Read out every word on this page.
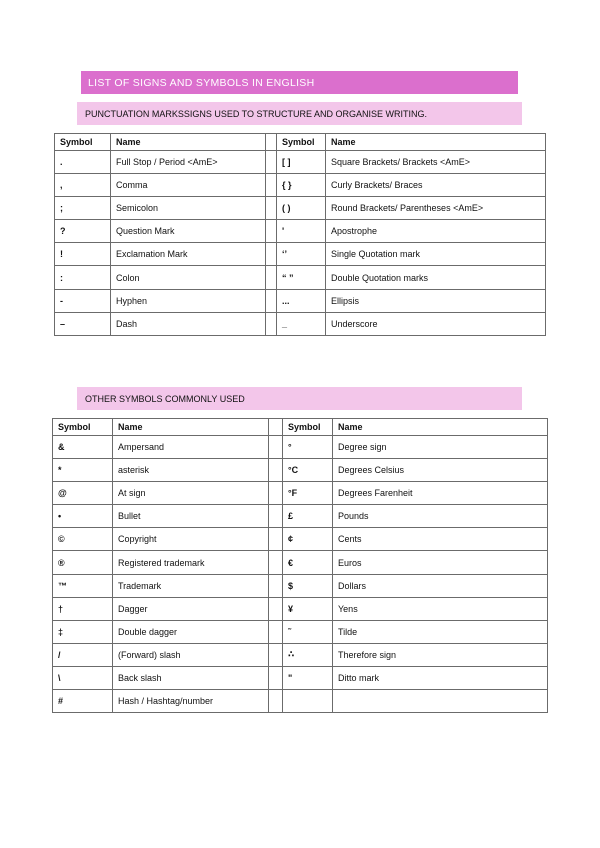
LIST OF SIGNS AND SYMBOLS IN ENGLISH
PUNCTUATION MARKSSIGNS USED TO STRUCTURE AND ORGANISE WRITING.
Symbol	Name		Symbol	Name
.	Full Stop / Period <AmE>		[ ]	Square Brackets/ Brackets <AmE>
,	Comma		{ }	Curly Brackets/ Braces
;	Semicolon		( )	Round Brackets/ Parentheses <AmE>
?	Question Mark		'	Apostrophe
!	Exclamation Mark		‘’	Single Quotation mark
:	Colon		“ ”	Double Quotation marks
-	Hyphen		...	Ellipsis
–	Dash		_	Underscore
OTHER SYMBOLS COMMONLY USED
Symbol	Name		Symbol	Name
&	Ampersand		°	Degree sign
*	asterisk		°C	Degrees Celsius
@	At sign		°F	Degrees Farenheit
•	Bullet		£	Pounds
©	Copyright		¢	Cents
®	Registered trademark		€	Euros
™	Trademark		$	Dollars
†	Dagger		¥	Yens
‡	Double dagger		˜	Tilde
/	(Forward) slash		∴	Therefore sign
\	Back slash		"	Ditto mark
#	Hash / Hashtag/number			
